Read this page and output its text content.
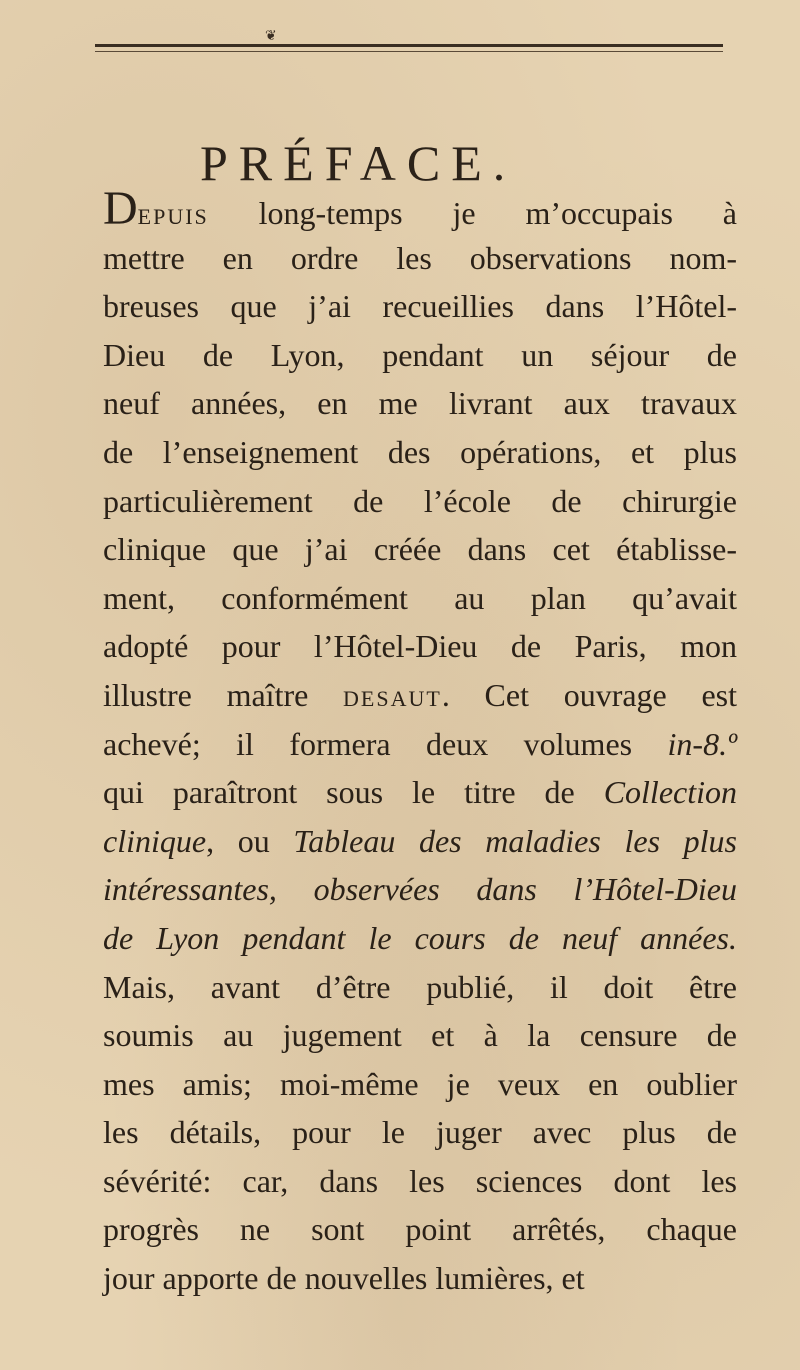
❦
PRÉFACE.
DEPUIS long-temps je m’occupais à
mettre en ordre les observations nom-
breuses que j’ai recueillies dans l’Hôtel-
Dieu de Lyon, pendant un séjour de
neuf années, en me livrant aux travaux
de l’enseignement des opérations, et plus
particulièrement de l’école de chirurgie
clinique que j’ai créée dans cet établisse-
ment, conformément au plan qu’avait
adopté pour l’Hôtel-Dieu de Paris, mon
illustre maître DESAUT. Cet ouvrage est
achevé; il formera deux volumes in-8.º
qui paraîtront sous le titre de Collection
clinique, ou Tableau des maladies les plus
intéressantes, observées dans l’Hôtel-Dieu
de Lyon pendant le cours de neuf années.
Mais, avant d’être publié, il doit être
soumis au jugement et à la censure de
mes amis; moi-même je veux en oublier
les détails, pour le juger avec plus de
sévérité: car, dans les sciences dont les
progrès ne sont point arrêtés, chaque
jour apporte de nouvelles lumières, et
